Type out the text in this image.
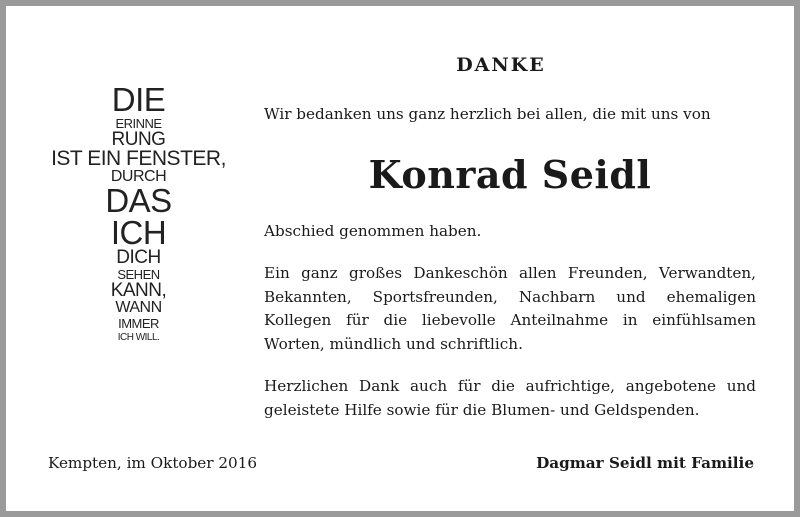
DIE
ERINNE
RUNG
IST EIN FENSTER,
DURCH
DAS
ICH
DICH
SEHEN
KANN,
WANN
IMMER
ICH WILL.
DANKE
Wir bedanken uns ganz herzlich bei allen, die mit uns von
Konrad Seidl
Abschied genommen haben.
Ein ganz großes Dankeschön allen Freunden, Verwandten, Bekannten, Sportsfreunden, Nachbarn und ehemaligen Kollegen für die liebevolle Anteilnahme in einfühlsamen Worten, mündlich und schriftlich.
Herzlichen Dank auch für die aufrichtige, angebotene und geleistete Hilfe sowie für die Blumen- und Geldspenden.
Kempten, im Oktober 2016	Dagmar Seidl mit Familie
